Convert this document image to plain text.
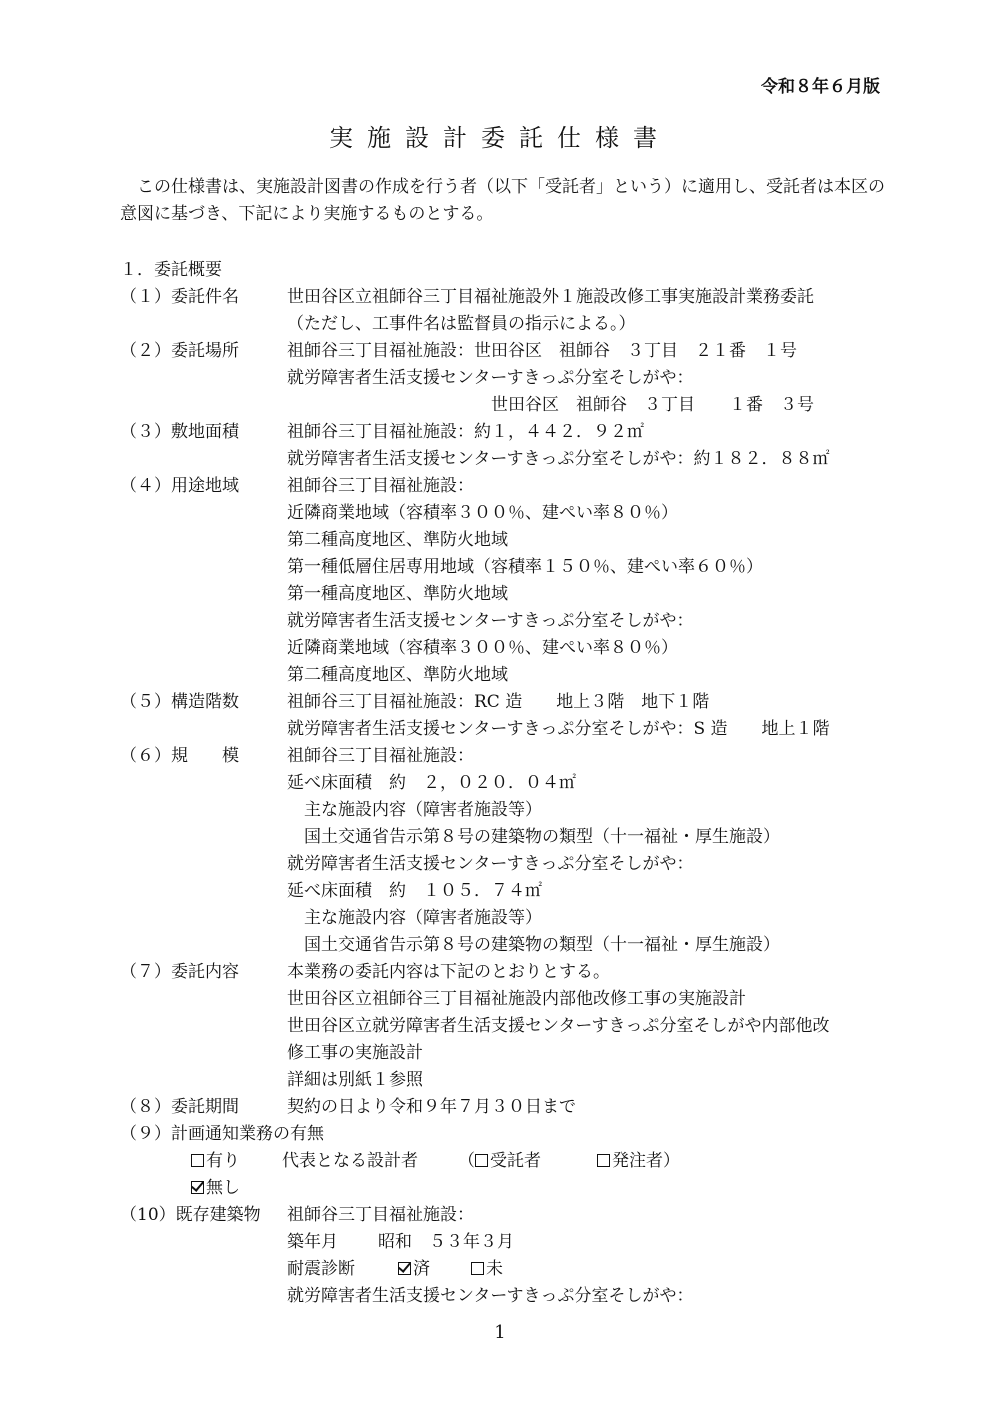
令和８年６月版
実施設計委託仕様書

この仕様書は、実施設計図書の作成を行う者（以下「受託者」という）に適用し、受託者は本区の意図に基づき、下記により実施するものとする。

１．委託概要
（１）委託件名	世田谷区立祖師谷三丁目福祉施設外１施設改修工事実施設計業務委託
（ただし、工事件名は監督員の指示による。）
（２）委託場所	祖師谷三丁目福祉施設：世田谷区　祖師谷　３丁目　２１番　１号
就労障害者生活支援センターすきっぷ分室そしがや：
世田谷区　祖師谷　３丁目　　１番　３号
（３）敷地面積	祖師谷三丁目福祉施設：約１，４４２．９２㎡
就労障害者生活支援センターすきっぷ分室そしがや：約１８２．８８㎡
（４）用途地域	祖師谷三丁目福祉施設：
近隣商業地域（容積率３００％、建ぺい率８０％）
第二種高度地区、準防火地域
第一種低層住居専用地域（容積率１５０％、建ぺい率６０％）
第一種高度地区、準防火地域
就労障害者生活支援センターすきっぷ分室そしがや：
近隣商業地域（容積率３００％、建ぺい率８０％）
第二種高度地区、準防火地域
（５）構造階数	祖師谷三丁目福祉施設：RC 造　　地上３階　地下１階
就労障害者生活支援センターすきっぷ分室そしがや：S 造　　地上１階
（６）規　　模	祖師谷三丁目福祉施設：
延べ床面積　約　２，０２０．０４㎡
主な施設内容（障害者施設等）
国土交通省告示第８号の建築物の類型（十一福祉・厚生施設）
就労障害者生活支援センターすきっぷ分室そしがや：
延べ床面積　約　１０５．７４㎡
主な施設内容（障害者施設等）
国土交通省告示第８号の建築物の類型（十一福祉・厚生施設）
（７）委託内容	本業務の委託内容は下記のとおりとする。
世田谷区立祖師谷三丁目福祉施設内部他改修工事の実施設計
世田谷区立就労障害者生活支援センターすきっぷ分室そしがや内部他改
修工事の実施設計
詳細は別紙１参照
（８）委託期間	契約の日より令和９年７月３０日まで
（９）計画通知業務の有無
有り 代表となる設計者 （ 受託者	発注者）
無し
（10）既存建築物 祖師谷三丁目福祉施設：
築年月 昭和　５３年３月
耐震診断	済	未
就労障害者生活支援センターすきっぷ分室そしがや：
1
